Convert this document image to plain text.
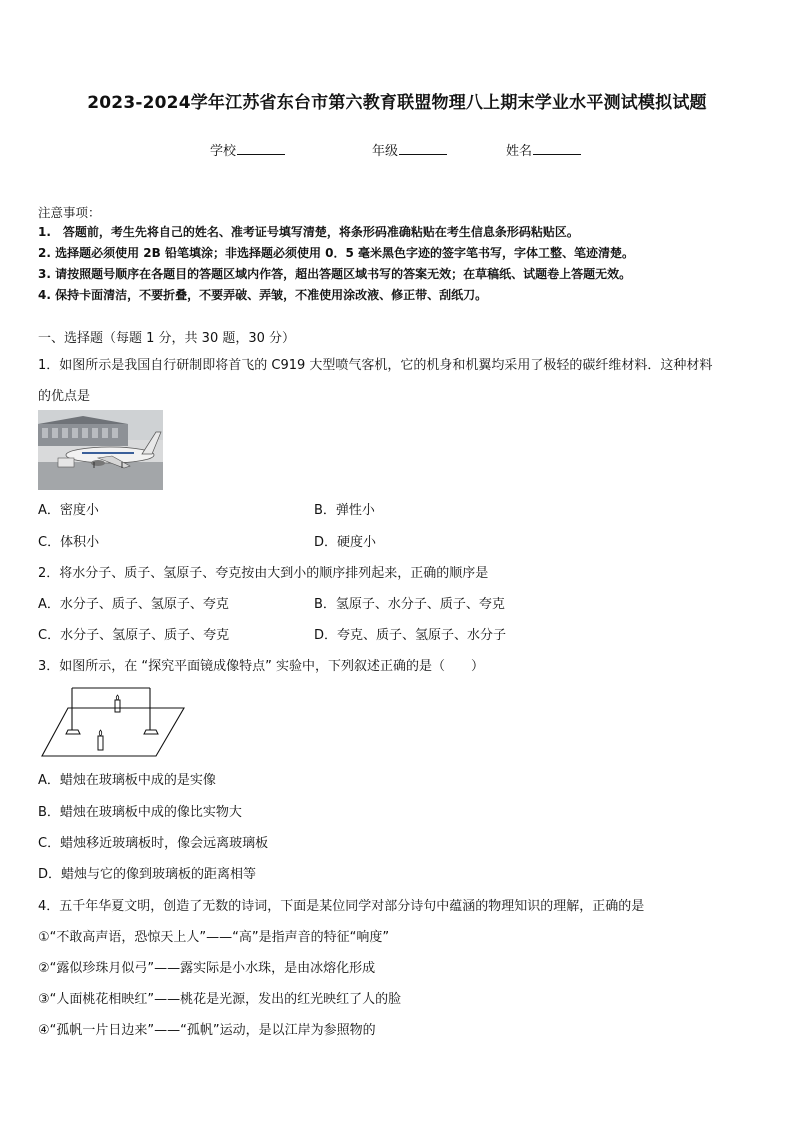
2023-2024学年江苏省东台市第六教育联盟物理八上期末学业水平测试模拟试题
学校	年级	姓名
注意事项：
1.　答题前，考生先将自己的姓名、准考证号填写清楚，将条形码准确粘贴在考生信息条形码粘贴区。
2. 选择题必须使用 2B 铅笔填涂；非选择题必须使用 0．5 毫米黑色字迹的签字笔书写，字体工整、笔迹清楚。
3. 请按照题号顺序在各题目的答题区域内作答，超出答题区域书写的答案无效；在草稿纸、试题卷上答题无效。
4. 保持卡面清洁，不要折叠，不要弄破、弄皱，不准使用涂改液、修正带、刮纸刀。
一、选择题（每题 1 分，共 30 题，30 分）
1．如图所示是我国自行研制即将首飞的 C919 大型喷气客机，它的机身和机翼均采用了极轻的碳纤维材料．这种材料
的优点是
A．密度小	B．弹性小
C．体积小	D．硬度小
2．将水分子、质子、氢原子、夸克按由大到小的顺序排列起来，正确的顺序是
A．水分子、质子、氢原子、夸克	B．氢原子、水分子、质子、夸克
C．水分子、氢原子、质子、夸克	D．夸克、质子、氢原子、水分子
3．如图所示，在 “探究平面镜成像特点” 实验中，下列叙述正确的是（　　）
A．蜡烛在玻璃板中成的是实像
B．蜡烛在玻璃板中成的像比实物大
C．蜡烛移近玻璃板时，像会远离玻璃板
D．蜡烛与它的像到玻璃板的距离相等
4．五千年华夏文明，创造了无数的诗词，下面是某位同学对部分诗句中蕴涵的物理知识的理解，正确的是
①“不敢高声语，恐惊天上人”——“高”是指声音的特征“响度”
②“露似珍珠月似弓”——露实际是小水珠，是由冰熔化形成
③“人面桃花相映红”——桃花是光源，发出的红光映红了人的脸
④“孤帆一片日边来”——“孤帆”运动，是以江岸为参照物的
